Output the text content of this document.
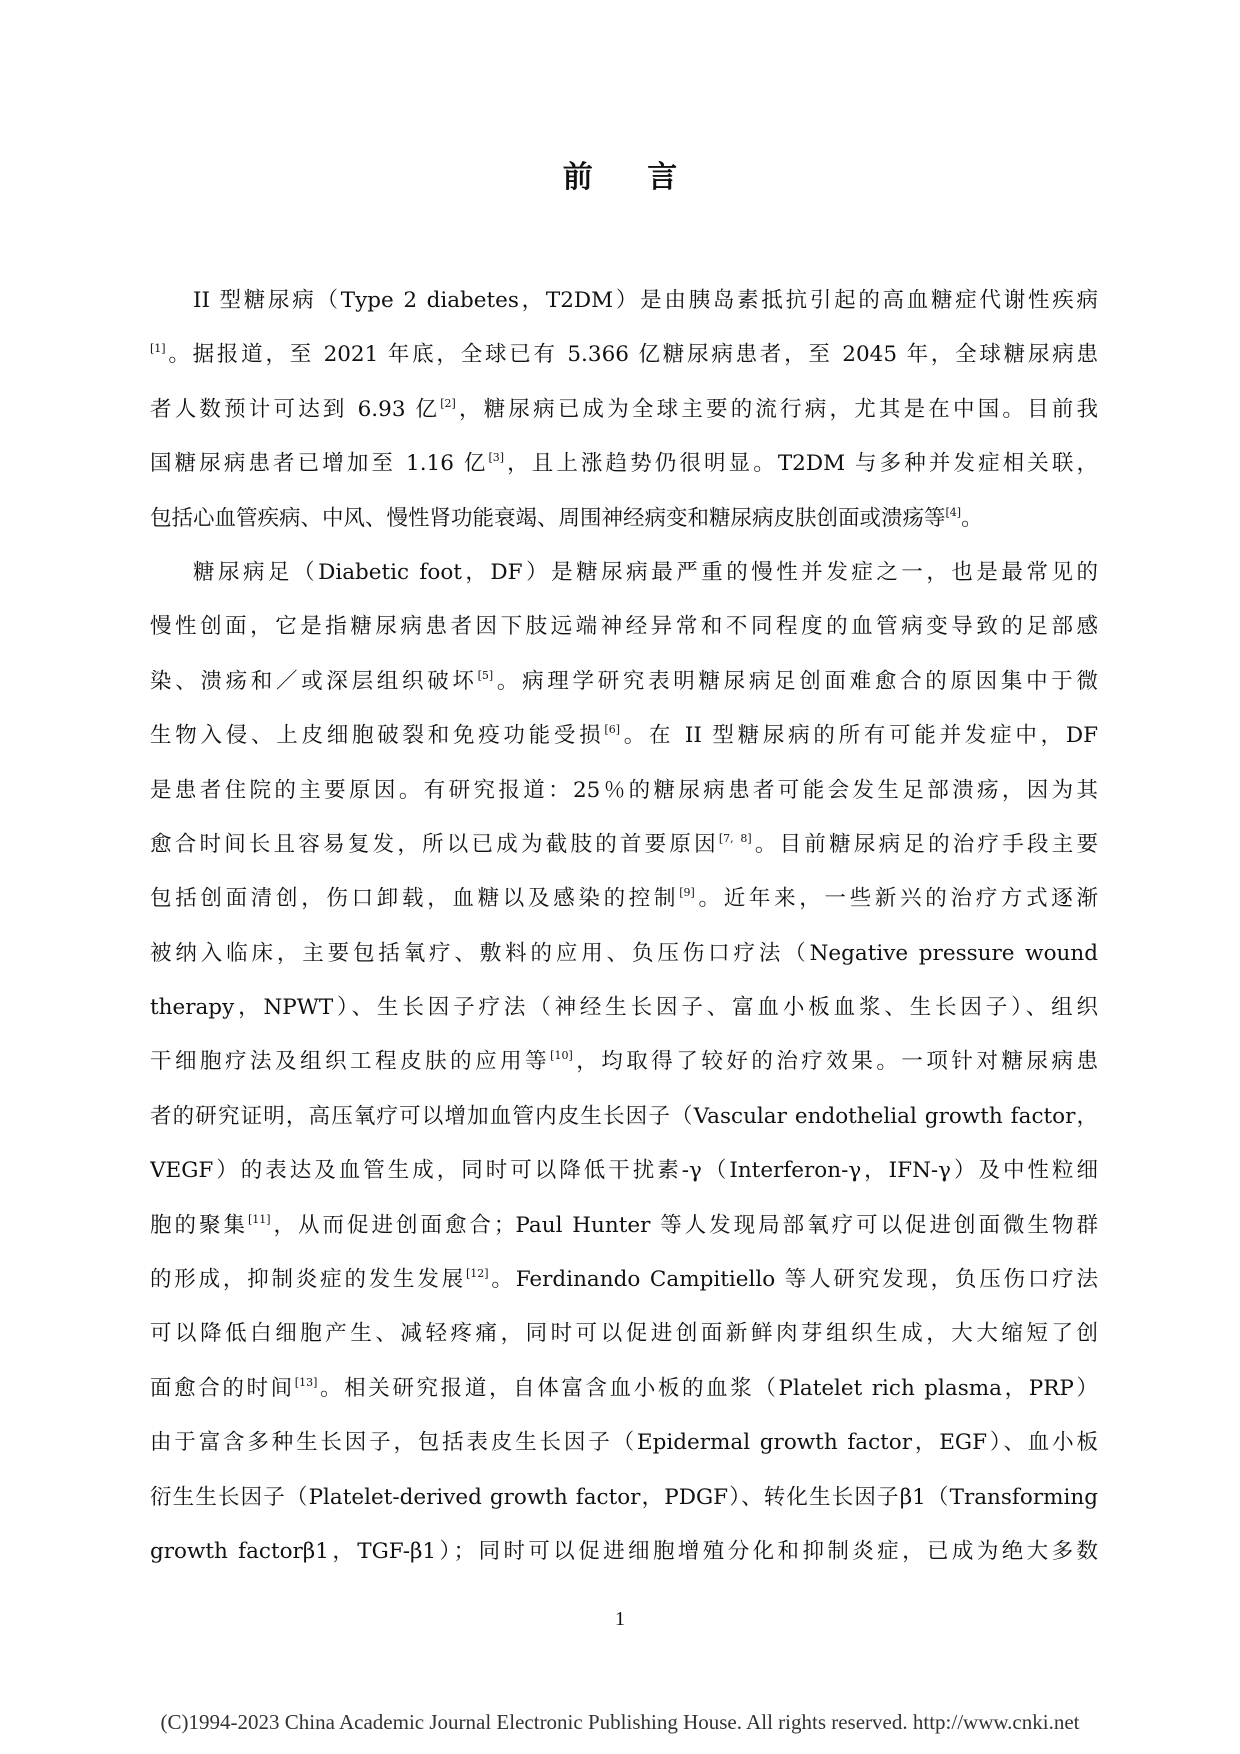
前 言
II 型糖尿病（Type 2 diabetes，T2DM）是由胰岛素抵抗引起的高血糖症代谢性疾病
[1]。据报道，至 2021 年底，全球已有 5.366 亿糖尿病患者，至 2045 年，全球糖尿病患
者人数预计可达到 6.93 亿[2]，糖尿病已成为全球主要的流行病，尤其是在中国。目前我
国糖尿病患者已增加至 1.16 亿[3]，且上涨趋势仍很明显。T2DM 与多种并发症相关联，
包括心血管疾病、中风、慢性肾功能衰竭、周围神经病变和糖尿病皮肤创面或溃疡等[4]。
糖尿病足（Diabetic foot，DF）是糖尿病最严重的慢性并发症之一，也是最常见的
慢性创面，它是指糖尿病患者因下肢远端神经异常和不同程度的血管病变导致的足部感
染、溃疡和／或深层组织破坏[5]。病理学研究表明糖尿病足创面难愈合的原因集中于微
生物入侵、上皮细胞破裂和免疫功能受损[6]。在 II 型糖尿病的所有可能并发症中，DF
是患者住院的主要原因。有研究报道：25％的糖尿病患者可能会发生足部溃疡，因为其
愈合时间长且容易复发，所以已成为截肢的首要原因[7, 8]。目前糖尿病足的治疗手段主要
包括创面清创，伤口卸载，血糖以及感染的控制[9]。近年来，一些新兴的治疗方式逐渐
被纳入临床，主要包括氧疗、敷料的应用、负压伤口疗法（Negative pressure wound
therapy，NPWT）、生长因子疗法（神经生长因子、富血小板血浆、生长因子）、组织
干细胞疗法及组织工程皮肤的应用等[10]，均取得了较好的治疗效果。一项针对糖尿病患
者的研究证明，高压氧疗可以增加血管内皮生长因子（Vascular endothelial growth factor，
VEGF）的表达及血管生成，同时可以降低干扰素-γ（Interferon-γ，IFN-γ）及中性粒细
胞的聚集[11]，从而促进创面愈合；Paul Hunter 等人发现局部氧疗可以促进创面微生物群
的形成，抑制炎症的发生发展[12]。Ferdinando Campitiello 等人研究发现，负压伤口疗法
可以降低白细胞产生、减轻疼痛，同时可以促进创面新鲜肉芽组织生成，大大缩短了创
面愈合的时间[13]。相关研究报道，自体富含血小板的血浆（Platelet rich plasma，PRP）
由于富含多种生长因子，包括表皮生长因子（Epidermal growth factor，EGF）、血小板
衍生生长因子（Platelet-derived growth factor，PDGF）、转化生长因子β1（Transforming
growth factorβ1，TGF-β1）；同时可以促进细胞增殖分化和抑制炎症，已成为绝大多数
1
(C)1994-2023 China Academic Journal Electronic Publishing House. All rights reserved. http://www.cnki.net
